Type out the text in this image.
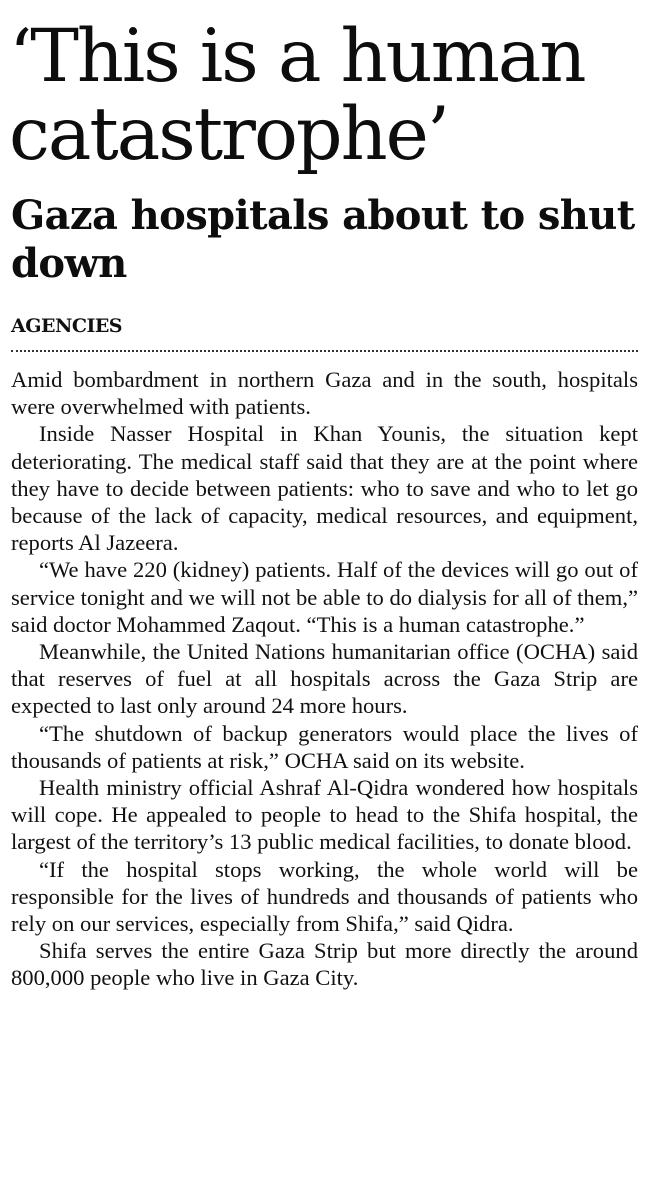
‘This is a human catastrophe’
Gaza hospitals about to shut down
AGENCIES

Amid bombardment in northern Gaza and in the south, hospitals were overwhelmed with patients.

Inside Nasser Hospital in Khan Younis, the situation kept deteriorating. The medical staff said that they are at the point where they have to decide between patients: who to save and who to let go because of the lack of capacity, medical resources, and equipment, reports Al Jazeera.

“We have 220 (kidney) patients. Half of the devices will go out of service tonight and we will not be able to do dialysis for all of them,” said doctor Mohammed Zaqout. “This is a human catastrophe.”

Meanwhile, the United Nations humanitarian office (OCHA) said that reserves of fuel at all hospitals across the Gaza Strip are expected to last only around 24 more hours.

“The shutdown of backup generators would place the lives of thousands of patients at risk,” OCHA said on its website.

Health ministry official Ashraf Al-Qidra wondered how hospitals will cope. He appealed to people to head to the Shifa hospital, the largest of the territory’s 13 public medical facilities, to donate blood.

“If the hospital stops working, the whole world will be responsible for the lives of hundreds and thousands of patients who rely on our services, especially from Shifa,” said Qidra.

Shifa serves the entire Gaza Strip but more directly the around 800,000 people who live in Gaza City.
